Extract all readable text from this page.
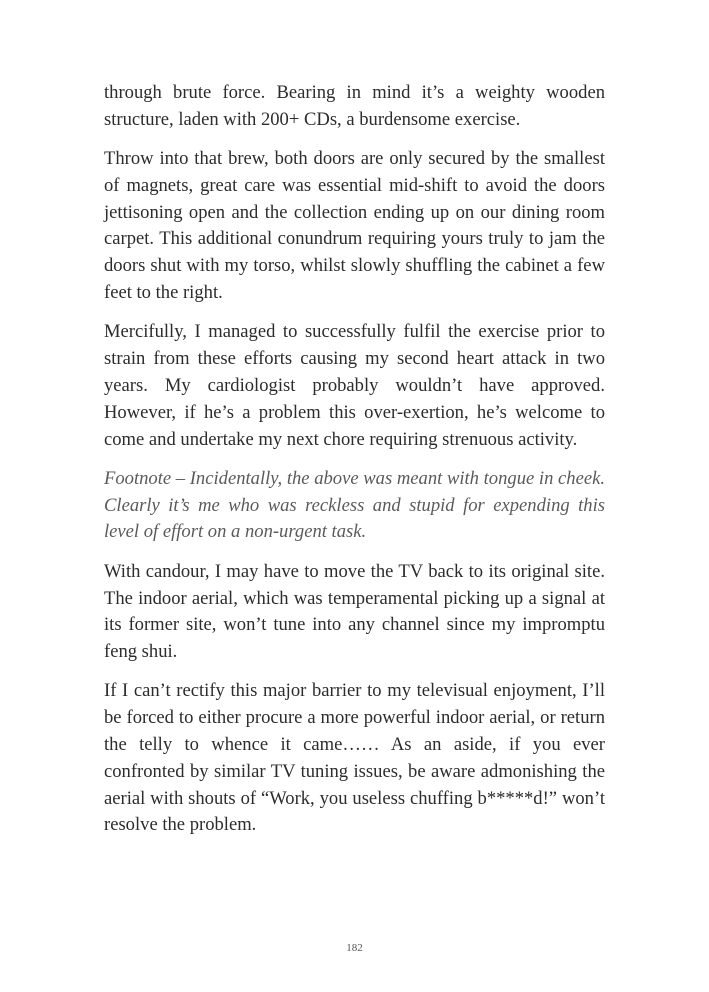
through brute force. Bearing in mind it’s a weighty wooden structure, laden with 200+ CDs, a burdensome exercise.

Throw into that brew, both doors are only secured by the smallest of magnets, great care was essential mid-shift to avoid the doors jettisoning open and the collection ending up on our dining room carpet. This additional conundrum requiring yours truly to jam the doors shut with my torso, whilst slowly shuffling the cabinet a few feet to the right.

Mercifully, I managed to successfully fulfil the exercise prior to strain from these efforts causing my second heart attack in two years. My cardiologist probably wouldn’t have approved. However, if he’s a problem this over-exertion, he’s welcome to come and undertake my next chore requiring strenuous activity.

Footnote – Incidentally, the above was meant with tongue in cheek. Clearly it’s me who was reckless and stupid for expending this level of effort on a non-urgent task.

With candour, I may have to move the TV back to its original site. The indoor aerial, which was temperamental picking up a signal at its former site, won’t tune into any channel since my impromptu feng shui.

If I can’t rectify this major barrier to my televisual enjoyment, I’ll be forced to either procure a more powerful indoor aerial, or return the telly to whence it came…… As an aside, if you ever confronted by similar TV tuning issues, be aware admonishing the aerial with shouts of “Work, you useless chuffing b*****d!” won’t resolve the problem.

182
